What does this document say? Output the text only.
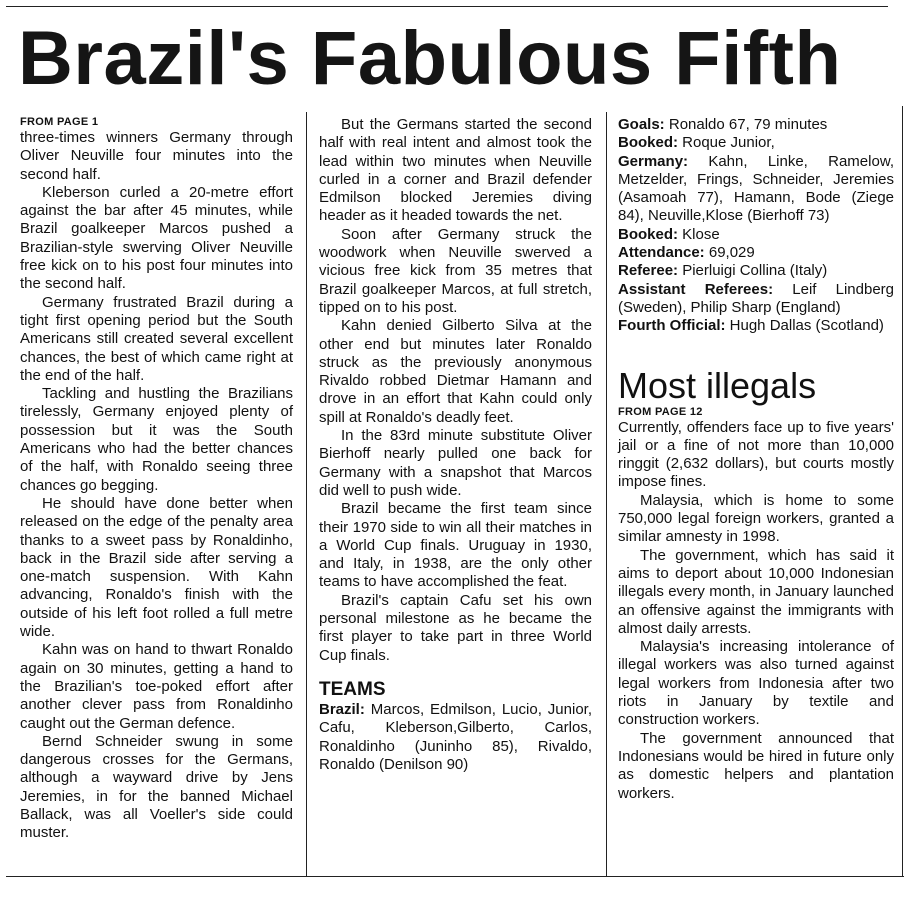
Brazil's Fabulous Fifth
FROM PAGE 1

three-times winners Germany through Oliver Neuville four minutes into the second half.

Kleberson curled a 20-metre effort against the bar after 45 minutes, while Brazil goalkeeper Marcos pushed a Brazilian-style swerving Oliver Neuville free kick on to his post four minutes into the second half.

Germany frustrated Brazil during a tight first opening period but the South Americans still created several excellent chances, the best of which came right at the end of the half.

Tackling and hustling the Brazilians tirelessly, Germany enjoyed plenty of possession but it was the South Americans who had the better chances of the half, with Ronaldo seeing three chances go begging.

He should have done better when released on the edge of the penalty area thanks to a sweet pass by Ronaldinho, back in the Brazil side after serving a one-match suspension. With Kahn advancing, Ronaldo's finish with the outside of his left foot rolled a full metre wide.

Kahn was on hand to thwart Ronaldo again on 30 minutes, getting a hand to the Brazilian's toe-poked effort after another clever pass from Ronaldinho caught out the German defence.

Bernd Schneider swung in some dangerous crosses for the Germans, although a wayward drive by Jens Jeremies, in for the banned Michael Ballack, was all Voeller's side could muster.

But the Germans started the second half with real intent and almost took the lead within two minutes when Neuville curled in a corner and Brazil defender Edmilson blocked Jeremies diving header as it headed towards the net.

Soon after Germany struck the woodwork when Neuville swerved a vicious free kick from 35 metres that Brazil goalkeeper Marcos, at full stretch, tipped on to his post.

Kahn denied Gilberto Silva at the other end but minutes later Ronaldo struck as the previously anonymous Rivaldo robbed Dietmar Hamann and drove in an effort that Kahn could only spill at Ronaldo's deadly feet.

In the 83rd minute substitute Oliver Bierhoff nearly pulled one back for Germany with a snapshot that Marcos did well to push wide.

Brazil became the first team since their 1970 side to win all their matches in a World Cup finals. Uruguay in 1930, and Italy, in 1938, are the only other teams to have accomplished the feat.

Brazil's captain Cafu set his own personal milestone as he became the first player to take part in three World Cup finals.

TEAMS

Brazil: Marcos, Edmilson, Lucio, Junior, Cafu, Kleberson,Gilberto, Carlos, Ronaldinho (Juninho 85), Rivaldo, Ronaldo (Denilson 90)

Goals: Ronaldo 67, 79 minutes

Booked: Roque Junior,

Germany: Kahn, Linke, Ramelow, Metzelder, Frings, Schneider, Jeremies (Asamoah 77), Hamann, Bode (Ziege 84), Neuville,Klose (Bierhoff 73)

Booked: Klose

Attendance: 69,029

Referee: Pierluigi Collina (Italy)

Assistant Referees: Leif Lindberg (Sweden), Philip Sharp (England)

Fourth Official: Hugh Dallas (Scotland)

Most illegals
FROM PAGE 12

Currently, offenders face up to five years' jail or a fine of not more than 10,000 ringgit (2,632 dollars), but courts mostly impose fines.

Malaysia, which is home to some 750,000 legal foreign workers, granted a similar amnesty in 1998.

The government, which has said it aims to deport about 10,000 Indonesian illegals every month, in January launched an offensive against the immigrants with almost daily arrests.

Malaysia's increasing intolerance of illegal workers was also turned against legal workers from Indonesia after two riots in January by textile and construction workers.

The government announced that Indonesians would be hired in future only as domestic helpers and plantation workers.
